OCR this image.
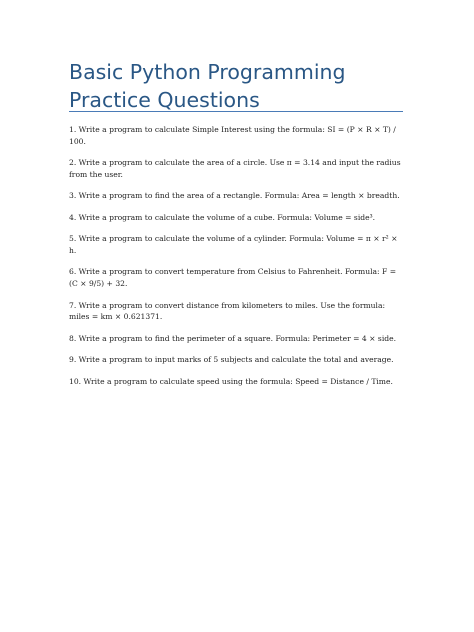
Basic Python Programming Practice Questions
1. Write a program to calculate Simple Interest using the formula: SI = (P × R × T) / 100.
2. Write a program to calculate the area of a circle. Use π = 3.14 and input the radius from the user.
3. Write a program to find the area of a rectangle. Formula: Area = length × breadth.
4. Write a program to calculate the volume of a cube. Formula: Volume = side³.
5. Write a program to calculate the volume of a cylinder. Formula: Volume = π × r² × h.
6. Write a program to convert temperature from Celsius to Fahrenheit. Formula: F = (C × 9/5) + 32.
7. Write a program to convert distance from kilometers to miles. Use the formula: miles = km × 0.621371.
8. Write a program to find the perimeter of a square. Formula: Perimeter = 4 × side.
9. Write a program to input marks of 5 subjects and calculate the total and average.
10. Write a program to calculate speed using the formula: Speed = Distance / Time.
